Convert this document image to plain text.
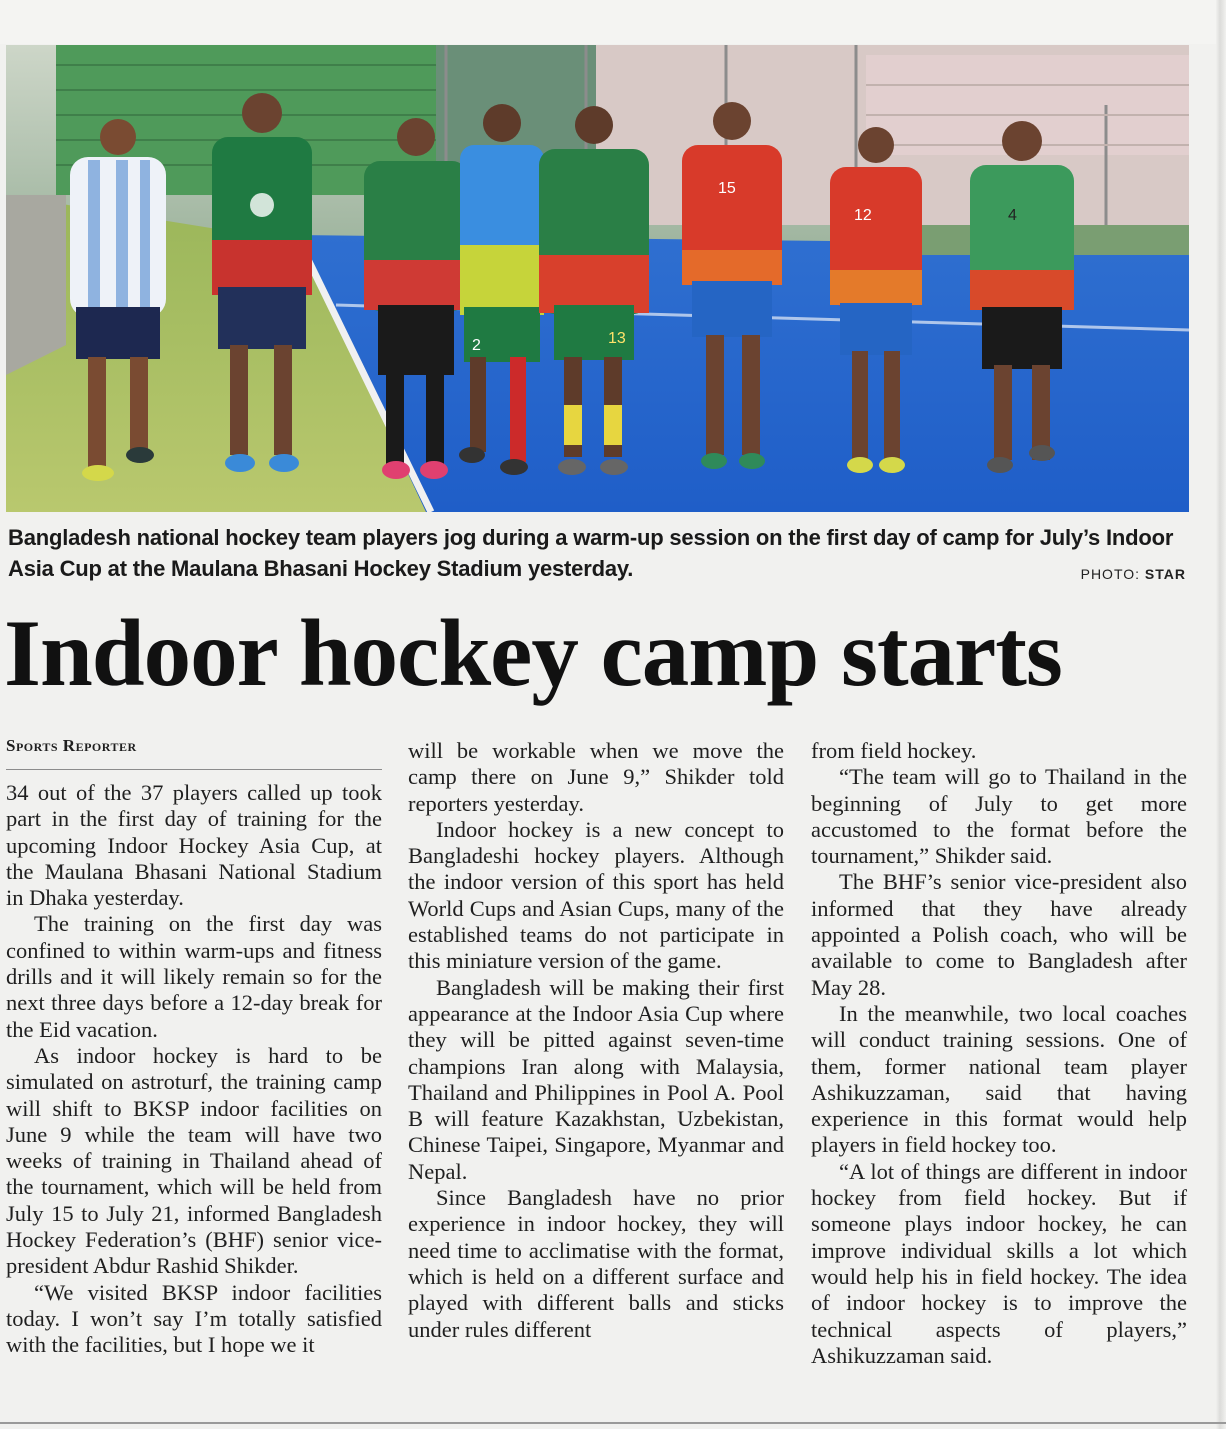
2	13
15
12	4
Bangladesh national hockey team players jog during a warm-up session on the first day of camp for July’s Indoor Asia Cup at the Maulana Bhasani Hockey Stadium yesterday.	PHOTO: STAR
Indoor hockey camp starts
Sports Reporter

34 out of the 37 players called up took part in the first day of training for the upcoming Indoor Hockey Asia Cup, at the Maulana Bhasani National Stadium in Dhaka yesterday.

The training on the first day was confined to within warm-ups and fitness drills and it will likely remain so for the next three days before a 12-day break for the Eid vacation.

As indoor hockey is hard to be simulated on astroturf, the training camp will shift to BKSP indoor facilities on June 9 while the team will have two weeks of training in Thailand ahead of the tournament, which will be held from July 15 to July 21, informed Bangladesh Hockey Federation’s (BHF) senior vice-president Abdur Rashid Shikder.

“We visited BKSP indoor facilities today. I won’t say I’m totally satisfied with the facilities, but I hope we it

will be workable when we move the camp there on June 9,” Shikder told reporters yesterday.

Indoor hockey is a new concept to Bangladeshi hockey players. Although the indoor version of this sport has held World Cups and Asian Cups, many of the established teams do not participate in this miniature version of the game.

Bangladesh will be making their first appearance at the Indoor Asia Cup where they will be pitted against seven-time champions Iran along with Malaysia, Thailand and Philippines in Pool A. Pool B will feature Kazakhstan, Uzbekistan, Chinese Taipei, Singapore, Myanmar and Nepal.

Since Bangladesh have no prior experience in indoor hockey, they will need time to acclimatise with the format, which is held on a different surface and played with different balls and sticks under rules different

from field hockey.

“The team will go to Thailand in the beginning of July to get more accustomed to the format before the tournament,” Shikder said.

The BHF’s senior vice-president also informed that they have already appointed a Polish coach, who will be available to come to Bangladesh after May 28.

In the meanwhile, two local coaches will conduct training sessions. One of them, former national team player Ashikuzzaman, said that having experience in this format would help players in field hockey too.

“A lot of things are different in indoor hockey from field hockey. But if someone plays indoor hockey, he can improve individual skills a lot which would help his in field hockey. The idea of indoor hockey is to improve the technical aspects of players,” Ashikuzzaman said.
